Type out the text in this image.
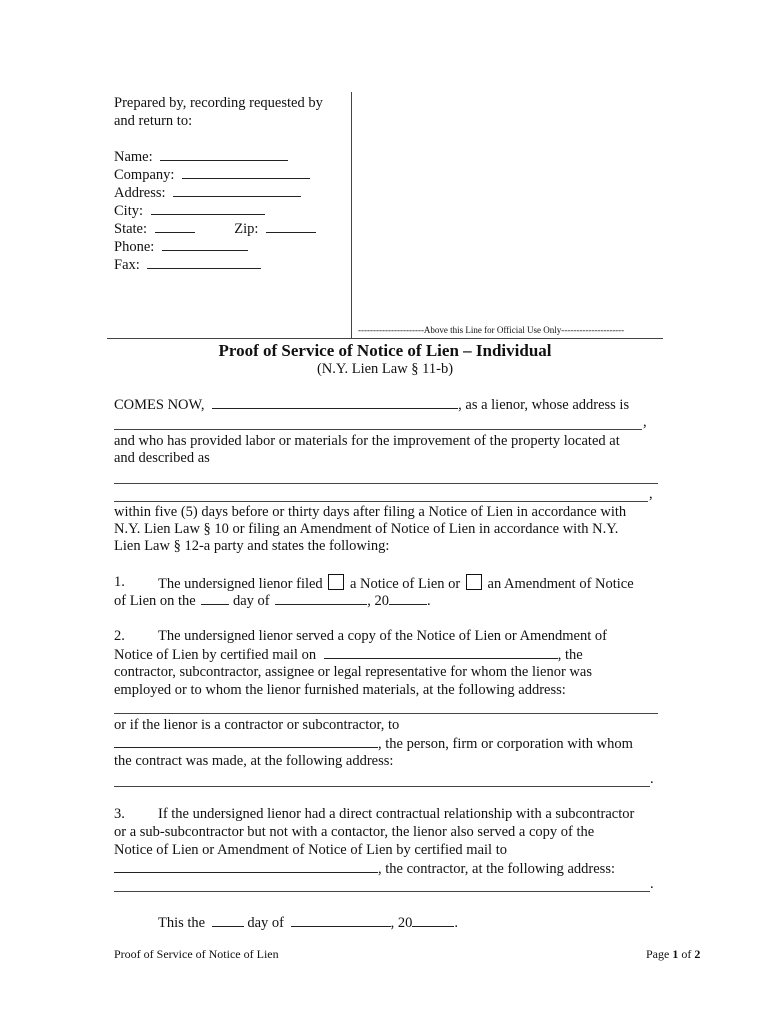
Prepared by, recording requested by
and return to:
Name:
Company:
Address:
City:
State:	Zip:
Phone:
Fax:
----------------------Above this Line for Official Use Only---------------------
Proof of Service of Notice of Lien – Individual
(N.Y. Lien Law § 11-b)
COMES NOW,	, as a lienor, whose address is
,
and who has provided labor or materials for the improvement of the property located at
and described as
,
within five (5) days before or thirty days after filing a Notice of Lien in accordance with
N.Y. Lien Law § 10 or filing an Amendment of Notice of Lien in accordance with N.Y.
Lien Law § 12-a party and states the following:
1. The undersigned lienor filed a Notice of Lien or an Amendment of Notice
of Lien on the	day of	, 20	.
2. The undersigned lienor served a copy of the Notice of Lien or Amendment of
Notice of Lien by certified mail on	, the
contractor, subcontractor, assignee or legal representative for whom the lienor was
employed or to whom the lienor furnished materials, at the following address:
or if the lienor is a contractor or subcontractor, to
, the person, firm or corporation with whom
the contract was made, at the following address:
.
3. If the undersigned lienor had a direct contractual relationship with a subcontractor
or a sub-subcontractor but not with a contactor, the lienor also served a copy of the
Notice of Lien or Amendment of Notice of Lien by certified mail to
, the contractor, at the following address:
.
This the	day of	, 20	.
Proof of Service of Notice of Lien	Page 1 of 2
